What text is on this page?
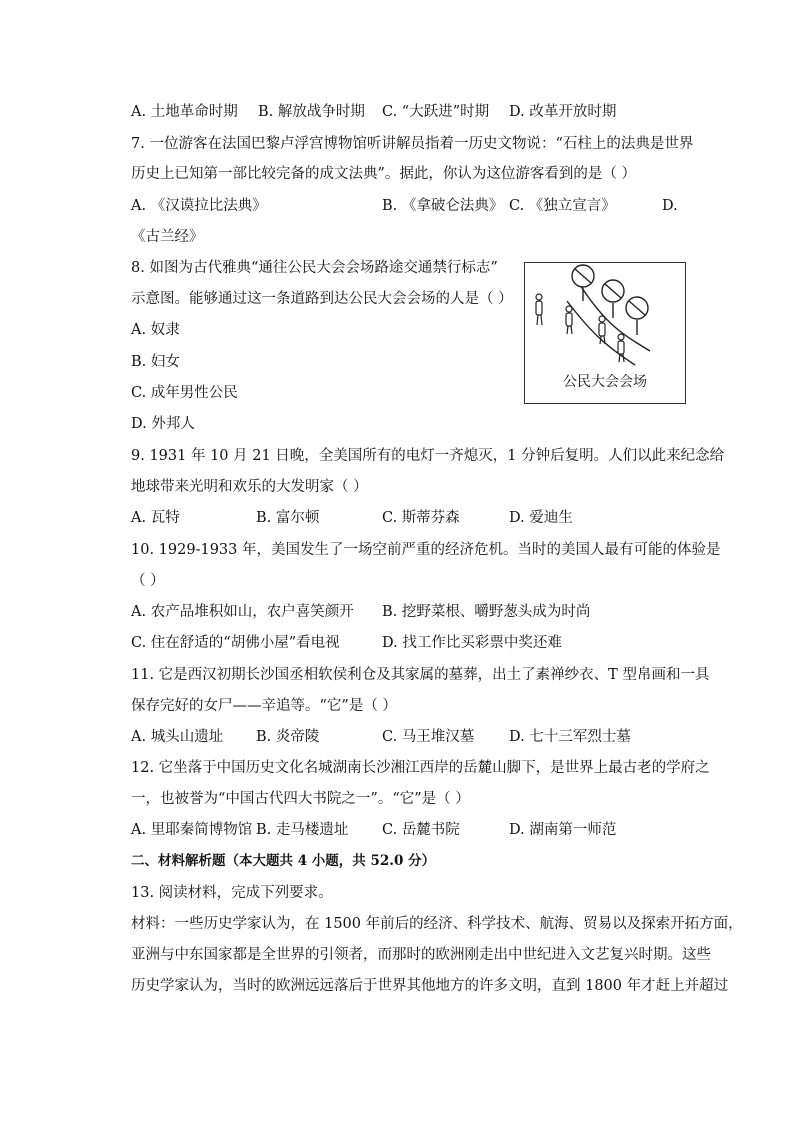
A. 土地革命时期 B. 解放战争时期 C. “大跃进”时期 D. 改革开放时期
7. 一位游客在法国巴黎卢浮宫博物馆听讲解员指着一历史文物说：“石柱上的法典是世界
历史上已知第一部比较完备的成文法典”。据此，你认为这位游客看到的是（ ）
A. 《汉谟拉比法典》	B. 《拿破仑法典》 C. 《独立宣言》	D.
《古兰经》
8. 如图为古代雅典“通往公民大会会场路途交通禁行标志”
示意图。能够通过这一条道路到达公民大会会场的人是（ ）
A. 奴隶
B. 妇女
C. 成年男性公民
D. 外邦人
公民大会会场
9. 1931 年 10 月 21 日晚，全美国所有的电灯一齐熄灭，1 分钟后复明。人们以此来纪念给
地球带来光明和欢乐的大发明家（ ）
A. 瓦特	B. 富尔顿	C. 斯蒂芬森	D. 爱迪生
10. 1929-1933 年，美国发生了一场空前严重的经济危机。当时的美国人最有可能的体验是
（ ）
A. 农产品堆积如山，农户喜笑颜开 B. 挖野菜根、嚼野葱头成为时尚
C. 住在舒适的“胡佛小屋”看电视	D. 找工作比买彩票中奖还难
11. 它是西汉初期长沙国丞相软侯利仓及其家属的墓葬，出土了素禅纱衣、T 型帛画和一具
保存完好的女尸——辛追等。“它”是（ ）
A. 城头山遗址 B. 炎帝陵	C. 马王堆汉墓 D. 七十三军烈士墓
12. 它坐落于中国历史文化名城湖南长沙湘江西岸的岳麓山脚下，是世界上最古老的学府之
一，也被誉为“中国古代四大书院之一”。“它”是（ ）
A. 里耶秦简博物馆 B. 走马楼遗址 C. 岳麓书院	D. 湖南第一师范
二、材料解析题（本大题共 4 小题，共 52.0 分）
13. 阅读材料，完成下列要求。
材料：一些历史学家认为，在 1500 年前后的经济、科学技术、航海、贸易以及探索开拓方面，
亚洲与中东国家都是全世界的引领者，而那时的欧洲刚走出中世纪进入文艺复兴时期。这些
历史学家认为，当时的欧洲远远落后于世界其他地方的许多文明，直到 1800 年才赶上并超过
